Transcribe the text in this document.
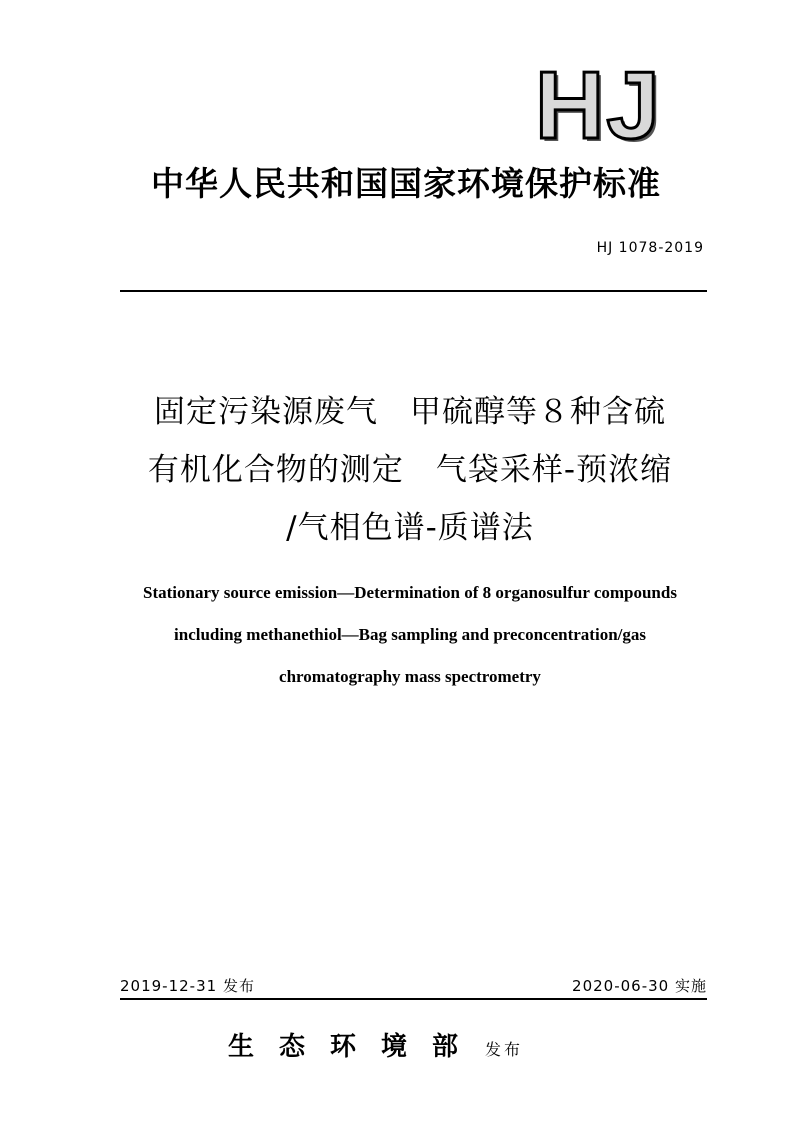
HJ
中华人民共和国国家环境保护标准
HJ 1078-2019
固定污染源废气　甲硫醇等８种含硫
有机化合物的测定　气袋采样-预浓缩
/气相色谱-质谱法
Stationary source emission—Determination of 8 organosulfur compounds
including methanethiol—Bag sampling and preconcentration/gas
chromatography mass spectrometry
2019-12-31 发布	2020-06-30 实施
生态环境部 发布
